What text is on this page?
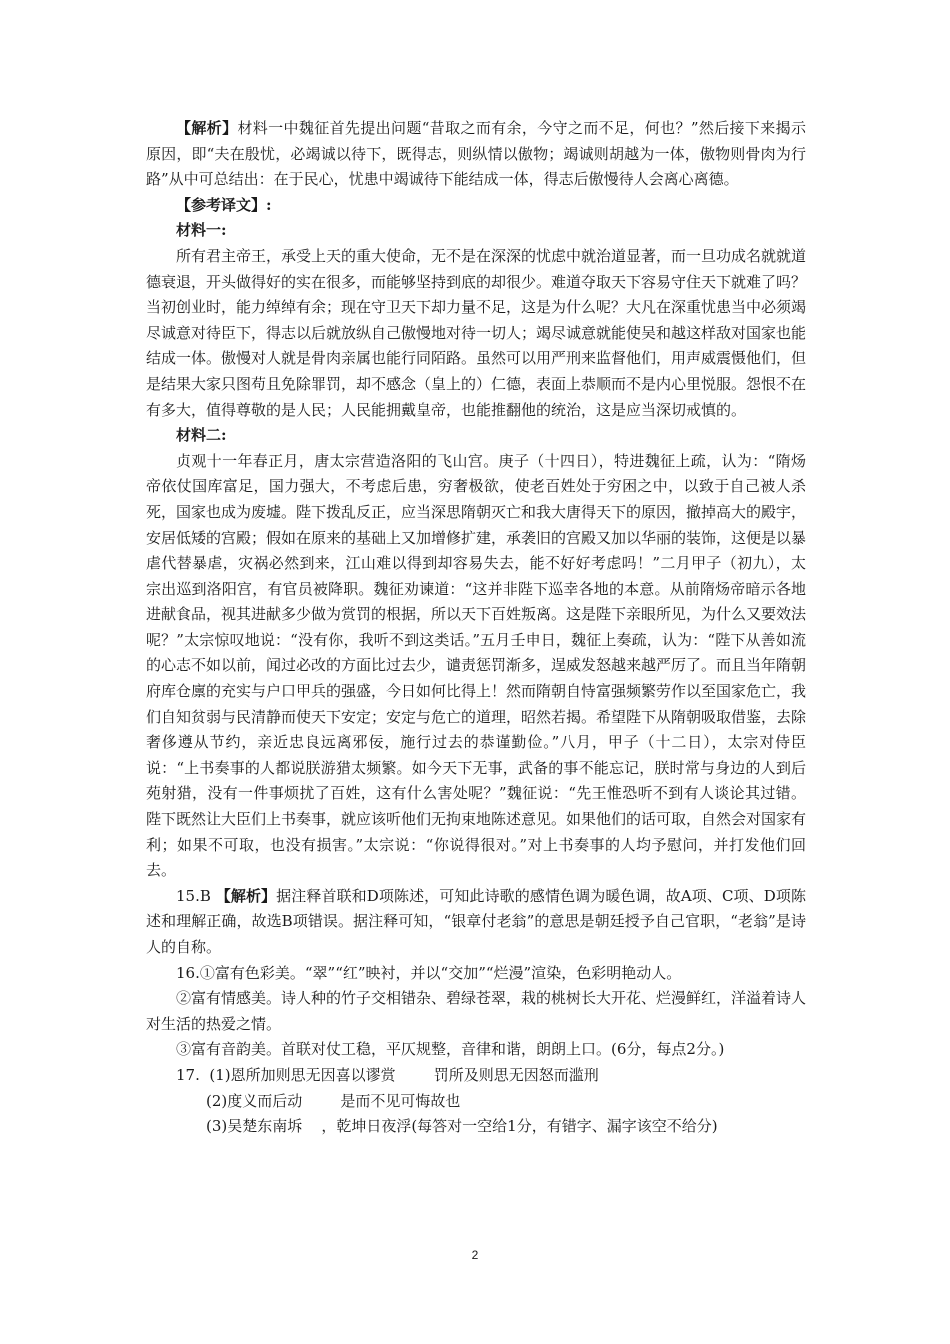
【解析】材料一中魏征首先提出问题“昔取之而有余，今守之而不足，何也？”然后接下来揭示原因，即“夫在殷忧，必竭诚以待下，既得志，则纵情以傲物；竭诚则胡越为一体，傲物则骨肉为行路”从中可总结出：在于民心，忧患中竭诚待下能结成一体，得志后傲慢待人会离心离德。

【参考译文】:

材料一:

所有君主帝王，承受上天的重大使命，无不是在深深的忧虑中就治道显著，而一旦功成名就就道德衰退，开头做得好的实在很多，而能够坚持到底的却很少。难道夺取天下容易守住天下就难了吗？当初创业时，能力绰绰有余；现在守卫天下却力量不足，这是为什么呢？大凡在深重忧患当中必须竭尽诚意对待臣下，得志以后就放纵自己傲慢地对待一切人；竭尽诚意就能使吴和越这样敌对国家也能结成一体。傲慢对人就是骨肉亲属也能行同陌路。虽然可以用严刑来监督他们，用声威震慑他们，但是结果大家只图苟且免除罪罚，却不感念（皇上的）仁德，表面上恭顺而不是内心里悦服。怨恨不在有多大，值得尊敬的是人民；人民能拥戴皇帝，也能推翻他的统治，这是应当深切戒慎的。

材料二:

贞观十一年春正月，唐太宗营造洛阳的飞山宫。庚子（十四日），特进魏征上疏，认为：“隋炀帝依仗国库富足，国力强大，不考虑后患，穷奢极欲，使老百姓处于穷困之中，以致于自己被人杀死，国家也成为废墟。陛下拨乱反正，应当深思隋朝灭亡和我大唐得天下的原因，撤掉高大的殿宇，安居低矮的宫殿；假如在原来的基础上又加增修扩建，承袭旧的宫殿又加以华丽的装饰，这便是以暴虐代替暴虐，灾祸必然到来，江山难以得到却容易失去，能不好好考虑吗！”二月甲子（初九），太宗出巡到洛阳宫，有官员被降职。魏征劝谏道：“这并非陛下巡幸各地的本意。从前隋炀帝暗示各地进献食品，视其进献多少做为赏罚的根据，所以天下百姓叛离。这是陛下亲眼所见，为什么又要效法呢？”太宗惊叹地说：“没有你，我听不到这类话。”五月壬申日，魏征上奏疏，认为：“陛下从善如流的心志不如以前，闻过必改的方面比过去少，谴责惩罚渐多，逞威发怒越来越严厉了。而且当年隋朝府库仓廪的充实与户口甲兵的强盛，今日如何比得上！然而隋朝自恃富强频繁劳作以至国家危亡，我们自知贫弱与民清静而使天下安定；安定与危亡的道理，昭然若揭。希望陛下从隋朝吸取借鉴，去除奢侈遵从节约，亲近忠良远离邪佞，施行过去的恭谨勤俭。”八月，甲子（十二日），太宗对侍臣说：“上书奏事的人都说朕游猎太频繁。如今天下无事，武备的事不能忘记，朕时常与身边的人到后苑射猎，没有一件事烦扰了百姓，这有什么害处呢？”魏征说：“先王惟恐听不到有人谈论其过错。陛下既然让大臣们上书奏事，就应该听他们无拘束地陈述意见。如果他们的话可取，自然会对国家有利；如果不可取，也没有损害。”太宗说：“你说得很对。”对上书奏事的人均予慰问，并打发他们回去。

15.B 【解析】据注释首联和D项陈述，可知此诗歌的感情色调为暖色调，故A项、C项、D项陈述和理解正确，故选B项错误。据注释可知，“银章付老翁”的意思是朝廷授予自己官职，“老翁”是诗人的自称。

16.①富有色彩美。“翠”“红”映衬，并以“交加”“烂漫”渲染，色彩明艳动人。

②富有情感美。诗人种的竹子交相错杂、碧绿苍翠，栽的桃树长大开花、烂漫鲜红，洋溢着诗人对生活的热爱之情。

③富有音韵美。首联对仗工稳，平仄规整，音律和谐，朗朗上口。(6分，每点2分。)

17.  (1)恩所加则思无因喜以谬赏        罚所及则思无因怒而滥刑

(2)度义而后动        是而不见可悔故也

(3)吴楚东南坼    ，乾坤日夜浮(每答对一空给1分，有错字、漏字该空不给分)

2
